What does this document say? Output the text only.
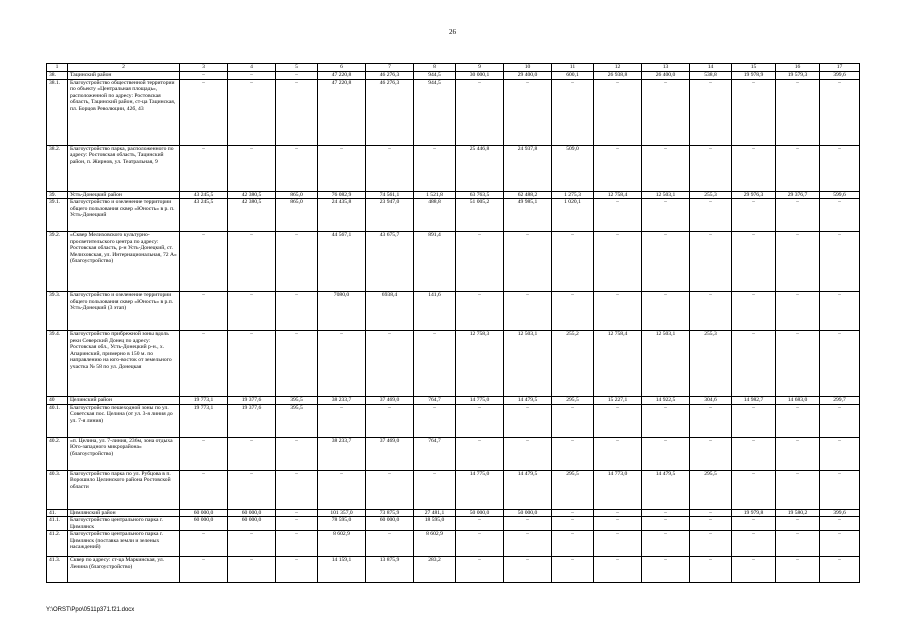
26
1	2	3	4	5	6	7	8	9	10	11	12	13	14	15	16	17
38.	Тацинский район	–	–	–	47 220,8	46 276,3	944,5	30 000,1	29 400,0	600,1	26 938,8	26 400,0	538,8	19 978,9	19 579,3	399,6
38.1.	Благоустройство общественной территории по объекту «Центральная площадь», расположенной по адресу: Ростовская область, Тацинский район, ст-ца Тацинская, пл. Борцов Революции, 42б, 43	–	–	–	47 220,8	46 276,3	944,5	–	–	–	–	–	–	–	–	–
38.2.	Благоустройство парка, расположенного по адресу: Ростовская область, Тацинский район, п. Жирнов, ул. Театральная, 9	–	–	–	–	–	–	25 446,8	24 937,8	509,0	–	–	–	–	–	–
39.	Усть-Донецкий район	43 245,5	42 380,5	865,0	76 082,9	74 561,1	1 521,8	63 763,5	62 488,2	1 275,3	12 758,4	12 503,1	255,3	29 976,3	29 376,7	599,6
39.1.	Благоустройство и озеленение территории общего пользования сквер «Юность» в р. п. Усть-Донецкий	43 245,5	42 380,5	865,0	24 435,8	23 947,0	488,8	51 005,2	49 985,1	1 020,1	–	–	–	–	–	–
39.2.	«Сквер Мелиховского культурно-просветительского центра по адресу: Ростовская область, р-н Усть-Донецкий, ст. Мелиховская, ул. Интернациональная, 72 А» (благоустройство)	–	–	–	44 567,1	43 675,7	891,4	–	–	–	–	–	–	–	–	–
39.3.	Благоустройство и озеленение территории общего пользования сквер «Юность» в р.п. Усть-Донецкий (3 этап)	–	–	–	7080,0	6938,4	141,6	–	–	–	–	–	–	–	–	–
39.4.	Благоустройство прибрежной зоны вдоль реки Северский Донец по адресу: Ростовская обл., Усть-Донецкий р-н., х. Апаринский, примерно в 150 м. по направлению на юго-восток от земельного участка № 58 по ул. Донецкая	–	–	–	–	–	–	12 758,3	12 503,1	255,2	12 758,4	12 503,1	255,3	–	–	–
40	Целинский район	19 773,1	19 377,6	395,5	38 233,7	37 469,0	764,7	14 775,0	14 479,5	295,5	15 227,1	14 922,5	304,6	14 982,7	14 683,0	299,7
40.1.	Благоустройство пешеходной зоны по ул. Советская пос. Целина (от ул. 3-я линия до ул. 7-я линия)	19 773,1	19 377,6	395,5	–	–	–	–	–	–	–	–	–	–	–	–
40.2.	«п. Целина, ул. 7-линия, 236м, зона отдыха Юго-западного микрорайона» (благоустройство)	–	–	–	38 233,7	37 469,0	764,7	–	–	–	–	–	–	–	–	–
40.3.	Благоустройство парка по ул. Рубцова в п. Ворошило Целинского района Ростовской области	–	–	–	–	–	–	14 775,0	14 479,5	295,5	14 773,0	14 479,5	295,5	–	–	–
41.	Цимлянский район	60 000,0	60 000,0	–	101 357,0	73 875,9	27 481,1	50 000,0	50 000,0	–	–	–	–	19 979,8	19 580,2	399,6
41.1.	Благоустройство центрального парка г. Цимлянск	60 000,0	60 000,0	–	78 595,0	60 000,0	18 595,0	–	–	–	–	–	–	–	–	–
41.2.	Благоустройство центрального парка г. Цимлянск (поставка земли и зеленых насаждений)	–	–	–	8 602,9	–	8 602,9	–	–	–	–	–	–	–	–	–
41.3.	Сквер по адресу: ст-ца Маркинская, ул. Ленина (благоустройство)	–	–	–	14 159,1	13 875,9	283,2	–	–	–	–	–	–	–	–	–
Y:\ORST\Ppo\0511p371.f21.docx
